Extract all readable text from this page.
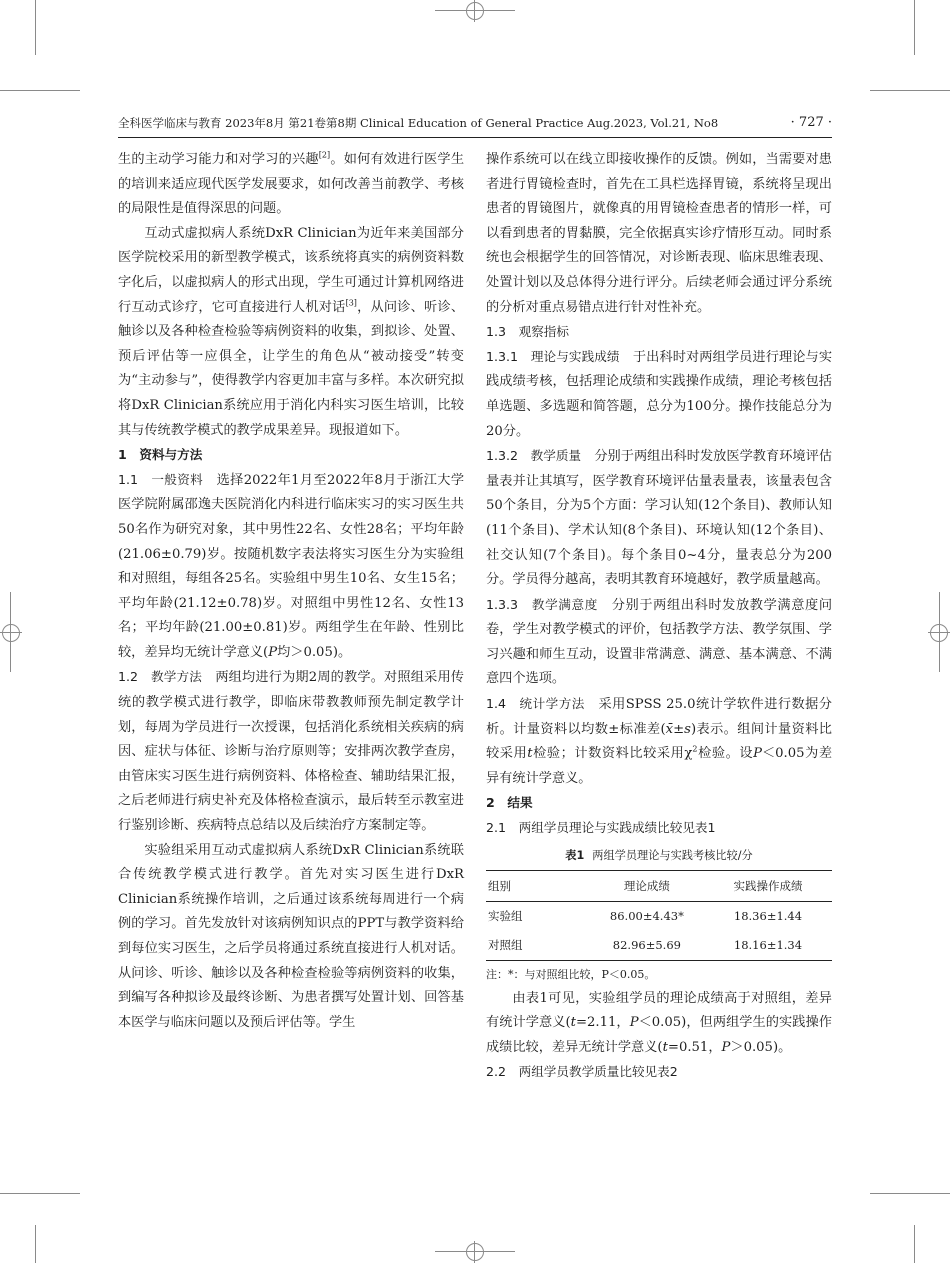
全科医学临床与教育 2023年8月 第21卷第8期 Clinical Education of General Practice Aug.2023, Vol.21, No8	· 727 ·

生的主动学习能力和对学习的兴趣[2]。如何有效进行医学生的培训来适应现代医学发展要求，如何改善当前教学、考核的局限性是值得深思的问题。

互动式虚拟病人系统DxR Clinician为近年来美国部分医学院校采用的新型教学模式，该系统将真实的病例资料数字化后，以虚拟病人的形式出现，学生可通过计算机网络进行互动式诊疗，它可直接进行人机对话[3]，从问诊、听诊、触诊以及各种检查检验等病例资料的收集，到拟诊、处置、预后评估等一应俱全，让学生的角色从“被动接受”转变为“主动参与”，使得教学内容更加丰富与多样。本次研究拟将DxR Clinician系统应用于消化内科实习医生培训，比较其与传统教学模式的教学成果差异。现报道如下。

1　资料与方法

1.1　一般资料  选择2022年1月至2022年8月于浙江大学医学院附属邵逸夫医院消化内科进行临床实习的实习医生共50名作为研究对象，其中男性22名、女性28名；平均年龄(21.06±0.79)岁。按随机数字表法将实习医生分为实验组和对照组，每组各25名。实验组中男生10名、女生15名；平均年龄(21.12±0.78)岁。对照组中男性12名、女性13名；平均年龄(21.00±0.81)岁。两组学生在年龄、性别比较，差异均无统计学意义(P均＞0.05)。

1.2　教学方法  两组均进行为期2周的教学。对照组采用传统的教学模式进行教学，即临床带教教师预先制定教学计划，每周为学员进行一次授课，包括消化系统相关疾病的病因、症状与体征、诊断与治疗原则等；安排两次教学查房，由管床实习医生进行病例资料、体格检查、辅助结果汇报，之后老师进行病史补充及体格检查演示，最后转至示教室进行鉴别诊断、疾病特点总结以及后续治疗方案制定等。

实验组采用互动式虚拟病人系统DxR Clinician系统联合传统教学模式进行教学。首先对实习医生进行DxR Clinician系统操作培训，之后通过该系统每周进行一个病例的学习。首先发放针对该病例知识点的PPT与教学资料给到每位实习医生，之后学员将通过系统直接进行人机对话。从问诊、听诊、触诊以及各种检查检验等病例资料的收集，到编写各种拟诊及最终诊断、为患者撰写处置计划、回答基本医学与临床问题以及预后评估等。学生

操作系统可以在线立即接收操作的反馈。例如，当需要对患者进行胃镜检查时，首先在工具栏选择胃镜，系统将呈现出患者的胃镜图片，就像真的用胃镜检查患者的情形一样，可以看到患者的胃黏膜，完全依据真实诊疗情形互动。同时系统也会根据学生的回答情况，对诊断表现、临床思维表现、处置计划以及总体得分进行评分。后续老师会通过评分系统的分析对重点易错点进行针对性补充。

1.3　观察指标

1.3.1　理论与实践成绩  于出科时对两组学员进行理论与实践成绩考核，包括理论成绩和实践操作成绩，理论考核包括单选题、多选题和简答题，总分为100分。操作技能总分为20分。

1.3.2　教学质量  分别于两组出科时发放医学教育环境评估量表并让其填写，医学教育环境评估量表量表，该量表包含50个条目，分为5个方面：学习认知(12个条目)、教师认知(11个条目)、学术认知(8个条目)、环境认知(12个条目)、社交认知(7个条目)。每个条目0~4分，量表总分为200分。学员得分越高，表明其教育环境越好，教学质量越高。

1.3.3　教学满意度  分别于两组出科时发放教学满意度问卷，学生对教学模式的评价，包括教学方法、教学氛围、学习兴趣和师生互动，设置非常满意、满意、基本满意、不满意四个选项。

1.4　统计学方法  采用SPSS 25.0统计学软件进行数据分析。计量资料以均数±标准差(x̄±s)表示。组间计量资料比较采用t检验；计数资料比较采用$\chi^2$检验。设P＜0.05为差异有统计学意义。

2　结果
2.1　两组学员理论与实践成绩比较见表1
表1 两组学员理论与实践考核比较/分
组别	理论成绩	实践操作成绩
实验组	86.00±4.43*	18.36±1.44
对照组	82.96±5.69	18.16±1.34
注：*：与对照组比较，P＜0.05。

由表1可见，实验组学员的理论成绩高于对照组，差异有统计学意义(t=2.11，P＜0.05)，但两组学生的实践操作成绩比较，差异无统计学意义(t=0.51，P＞0.05)。

2.2　两组学员教学质量比较见表2
